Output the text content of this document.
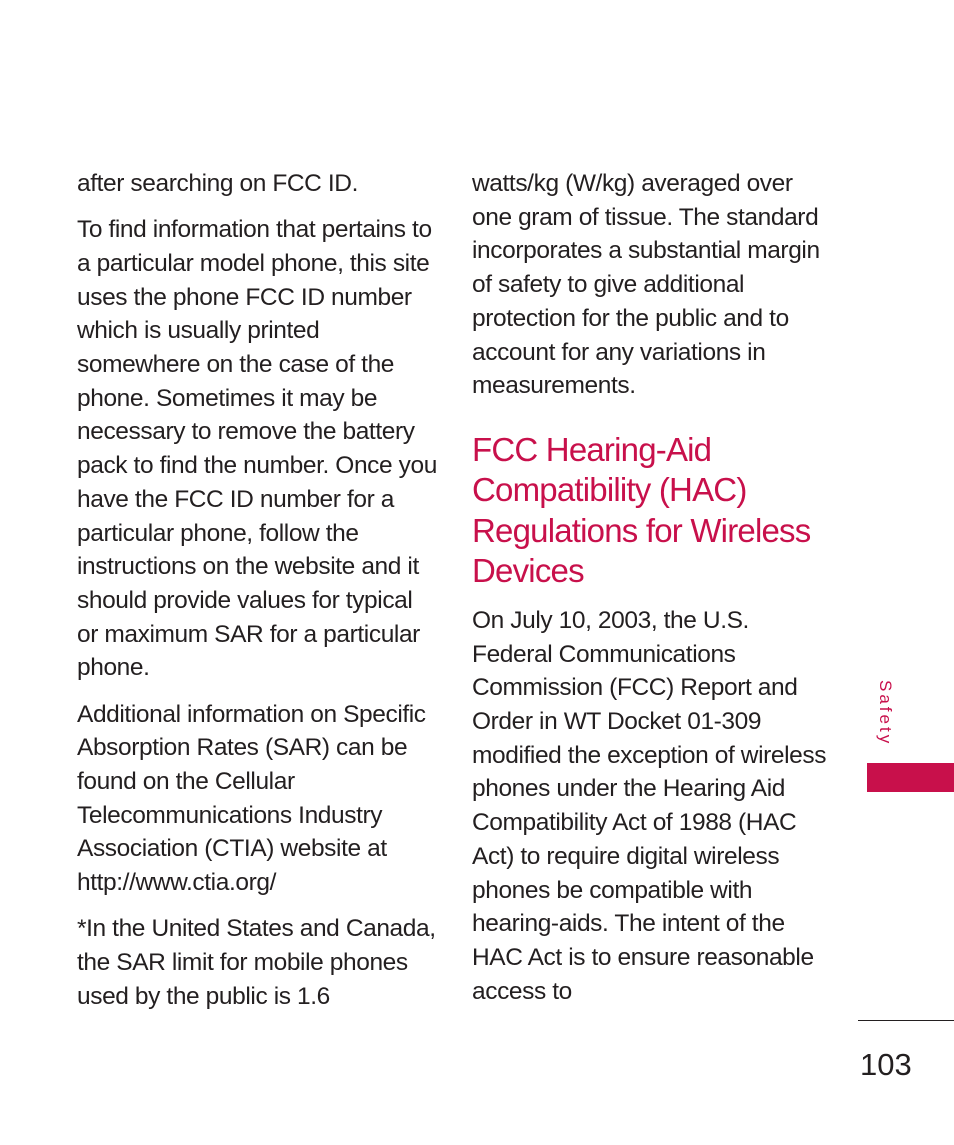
after searching on FCC ID.

To find information that pertains to a particular model phone, this site uses the phone FCC ID number which is usually printed somewhere on the case of the phone. Sometimes it may be necessary to remove the battery pack to find the number. Once you have the FCC ID number for a particular phone, follow the instructions on the website and it should provide values for typical or maximum SAR for a particular phone.

Additional information on Specific Absorption Rates (SAR) can be found on the Cellular Telecommunications Industry Association (CTIA) website at http://www.ctia.org/

*In the United States and Canada, the SAR limit for mobile phones used by the public is 1.6

watts/kg (W/kg) averaged over one gram of tissue. The standard incorporates a substantial margin of safety to give additional protection for the public and to account for any variations in measurements.

FCC Hearing-Aid Compatibility (HAC) Regulations for Wireless Devices

On July 10, 2003, the U.S. Federal Communications Commission (FCC) Report and Order in WT Docket 01-309 modified the exception of wireless phones under the Hearing Aid Compatibility Act of 1988 (HAC Act) to require digital wireless phones be compatible with hearing-aids. The intent of the HAC Act is to ensure reasonable access to

Safety
103
